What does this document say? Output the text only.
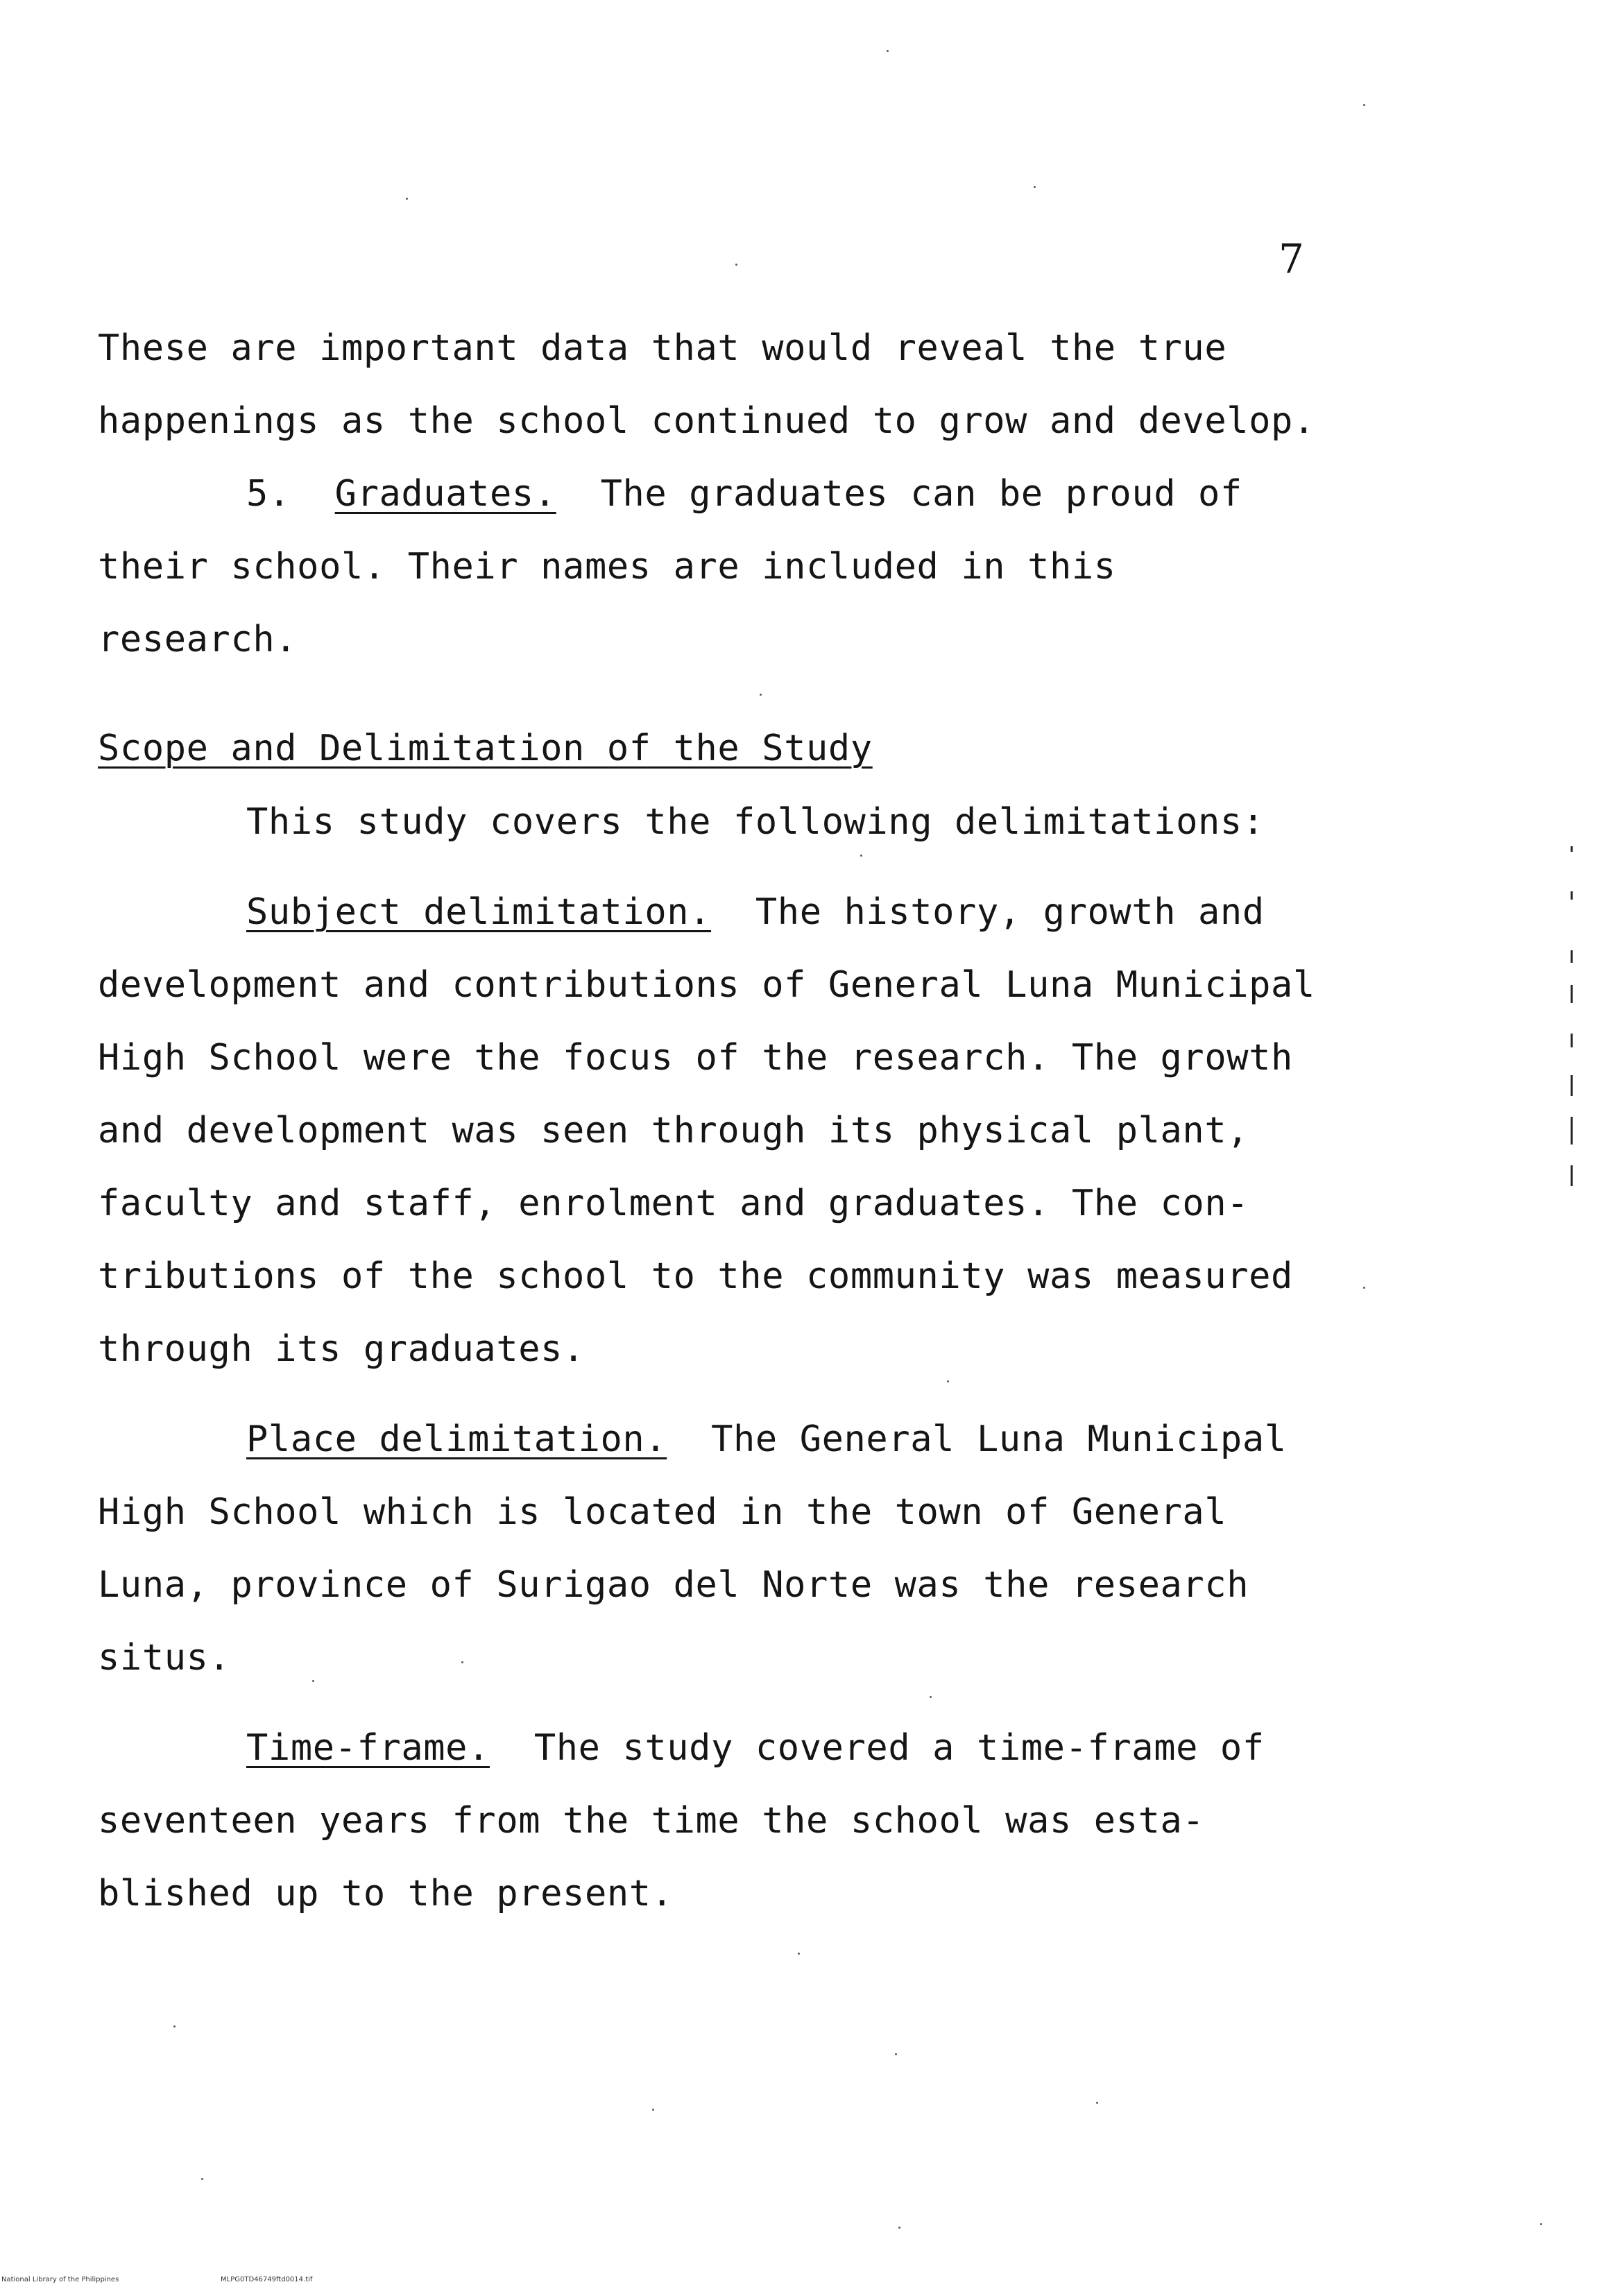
7
These are important data that would reveal the true
happenings as the school continued to grow and develop.
5. Graduates. The graduates can be proud of
their school. Their names are included in this
research.
Scope and Delimitation of the Study
This study covers the following delimitations:
Subject delimitation. The history, growth and
development and contributions of General Luna Municipal
High School were the focus of the research. The growth
and development was seen through its physical plant,
faculty and staff, enrolment and graduates. The con-
tributions of the school to the community was measured
through its graduates.
Place delimitation. The General Luna Municipal
High School which is located in the town of General
Luna, province of Surigao del Norte was the research
situs.
Time-frame. The study covered a time-frame of
seventeen years from the time the school was esta-
blished up to the present.
National Library of the Philippines	MLPG0TD46749ftd0014.tif
